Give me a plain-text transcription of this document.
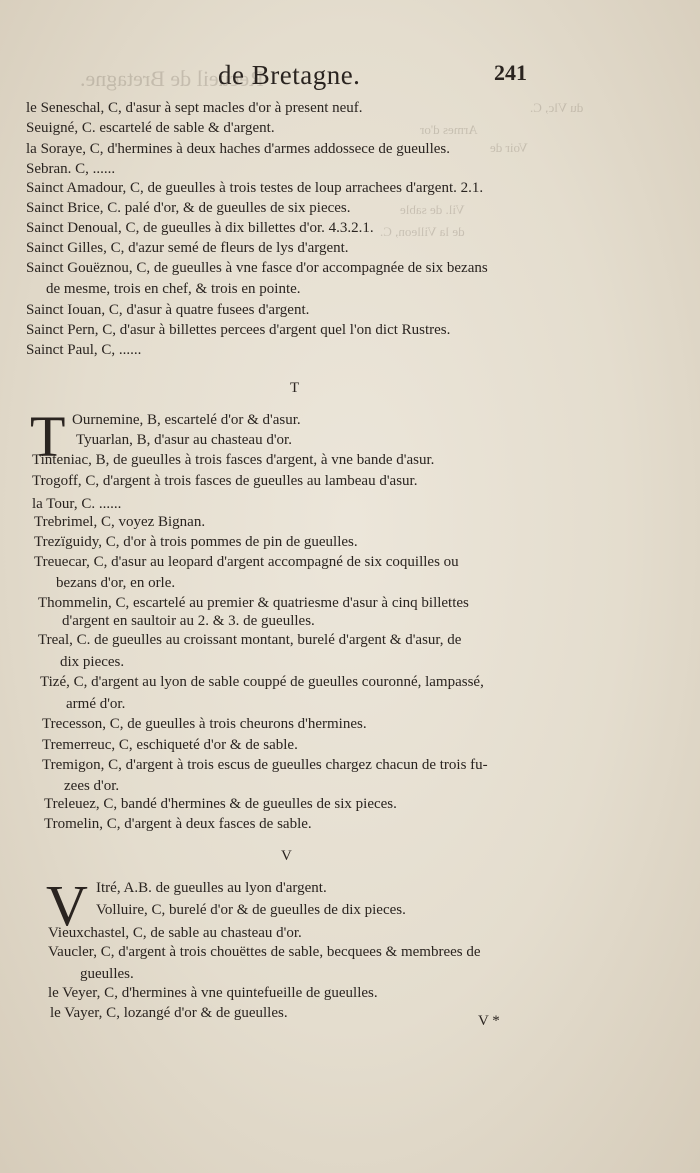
Recueil de Bretagne.
du Vlc, C.
Armes d'or
Voir de
Vil. de sable
de la Villeon, C.
de Bretagne.	241
le Seneschal, C, d'asur à sept macles d'or à present neuf.
Seuigné, C. escartelé de sable & d'argent.
la Soraye, C, d'hermines à deux haches d'armes addossece de gueulles.
Sebran. C, ......
Sainct Amadour, C, de gueulles à trois testes de loup arrachees d'argent. 2.1.
Sainct Brice, C. palé d'or, & de gueulles de six pieces.
Sainct Denoual, C, de gueulles à dix billettes d'or. 4.3.2.1.
Sainct Gilles, C, d'azur semé de fleurs de lys d'argent.
Sainct Gouëznou, C, de gueulles à vne fasce d'or accompagnée de six bezans
de mesme, trois en chef, & trois en pointe.
Sainct Iouan, C, d'asur à quatre fusees d'argent.
Sainct Pern, C, d'asur à billettes percees d'argent quel l'on dict Rustres.
Sainct Paul, C, ......
T
T Ournemine, B, escartelé d'or & d'asur.
Tyuarlan, B, d'asur au chasteau d'or.
Tinteniac, B, de gueulles à trois fasces d'argent, à vne bande d'asur.
Trogoff, C, d'argent à trois fasces de gueulles au lambeau d'asur.
la Tour, C. ......
Trebrimel, C, voyez Bignan.
Trezïguidy, C, d'or à trois pommes de pin de gueulles.
Treuecar, C, d'asur au leopard d'argent accompagné de six coquilles ou
bezans d'or, en orle.
Thommelin, C, escartelé au premier & quatriesme d'asur à cinq billettes
d'argent en saultoir au 2. & 3. de gueulles.
Treal, C. de gueulles au croissant montant, burelé d'argent & d'asur, de
dix pieces.
Tizé, C, d'argent au lyon de sable couppé de gueulles couronné, lampassé,
armé d'or.
Trecesson, C, de gueulles à trois cheurons d'hermines.
Tremerreuc, C, eschiqueté d'or & de sable.
Tremigon, C, d'argent à trois escus de gueulles chargez chacun de trois fu-
zees d'or.
Treleuez, C, bandé d'hermines & de gueulles de six pieces.
Tromelin, C, d'argent à deux fasces de sable.
V
V Itré, A.B. de gueulles au lyon d'argent.
Volluire, C, burelé d'or & de gueulles de dix pieces.
Vieuxchastel, C, de sable au chasteau d'or.
Vaucler, C, d'argent à trois chouëttes de sable, becquees & membrees de
gueulles.
le Veyer, C, d'hermines à vne quintefueille de gueulles.
le Vayer, C, lozangé d'or & de gueulles.	V *
